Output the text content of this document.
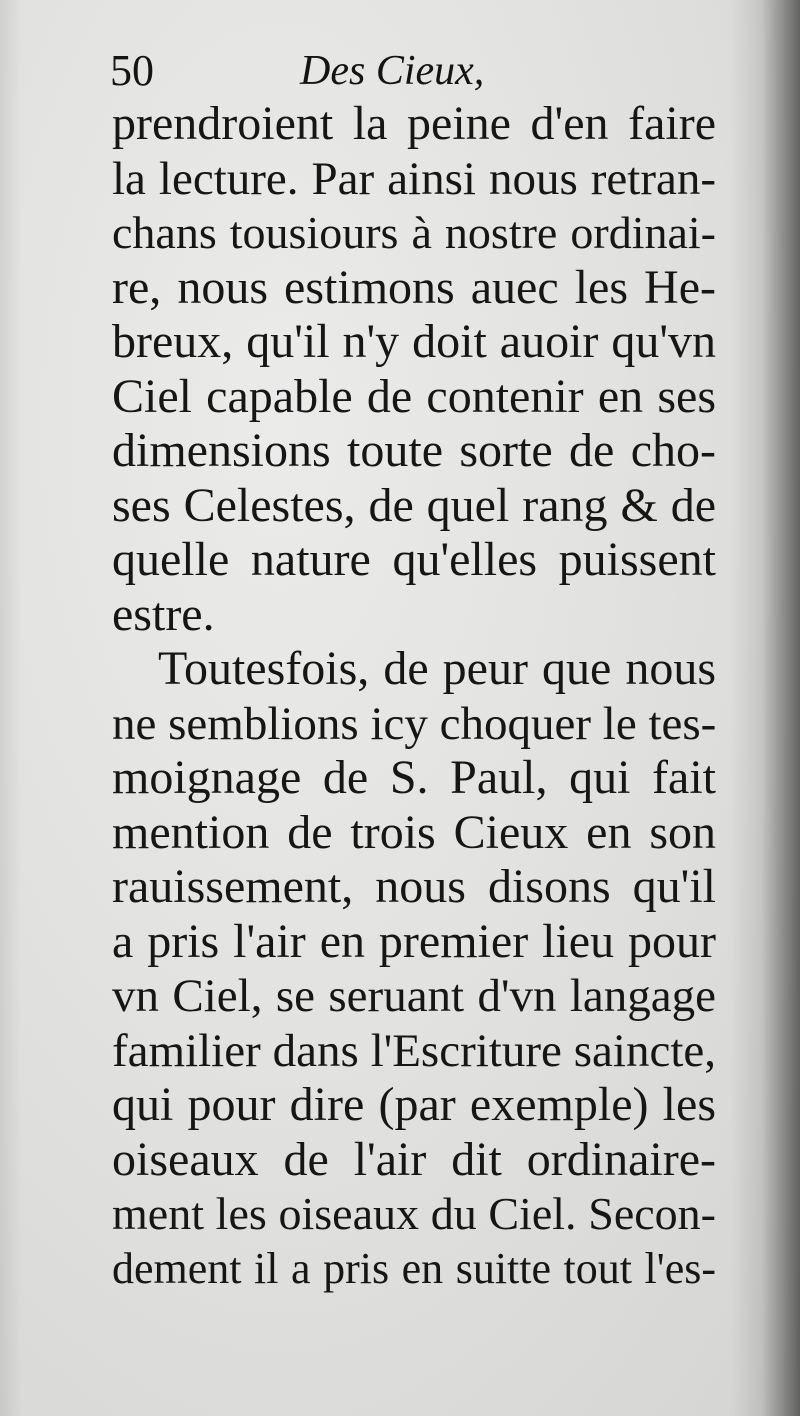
50	Des Cieux,
prendroient la peine d'en faire
la lecture. Par ainsi nous retran-
chans tousiours à nostre ordinai-
re, nous estimons auec les He-
breux, qu'il n'y doit auoir qu'vn
Ciel capable de contenir en ses
dimensions toute sorte de cho-
ses Celestes, de quel rang & de
quelle nature qu'elles puissent
estre.
Toutesfois, de peur que nous
ne semblions icy choquer le tes-
moignage de S. Paul, qui fait
mention de trois Cieux en son
rauissement, nous disons qu'il
a pris l'air en premier lieu pour
vn Ciel, se seruant d'vn langage
familier dans l'Escriture saincte,
qui pour dire (par exemple) les
oiseaux de l'air dit ordinaire-
ment les oiseaux du Ciel. Secon-
dement il a pris en suitte tout l'es-
